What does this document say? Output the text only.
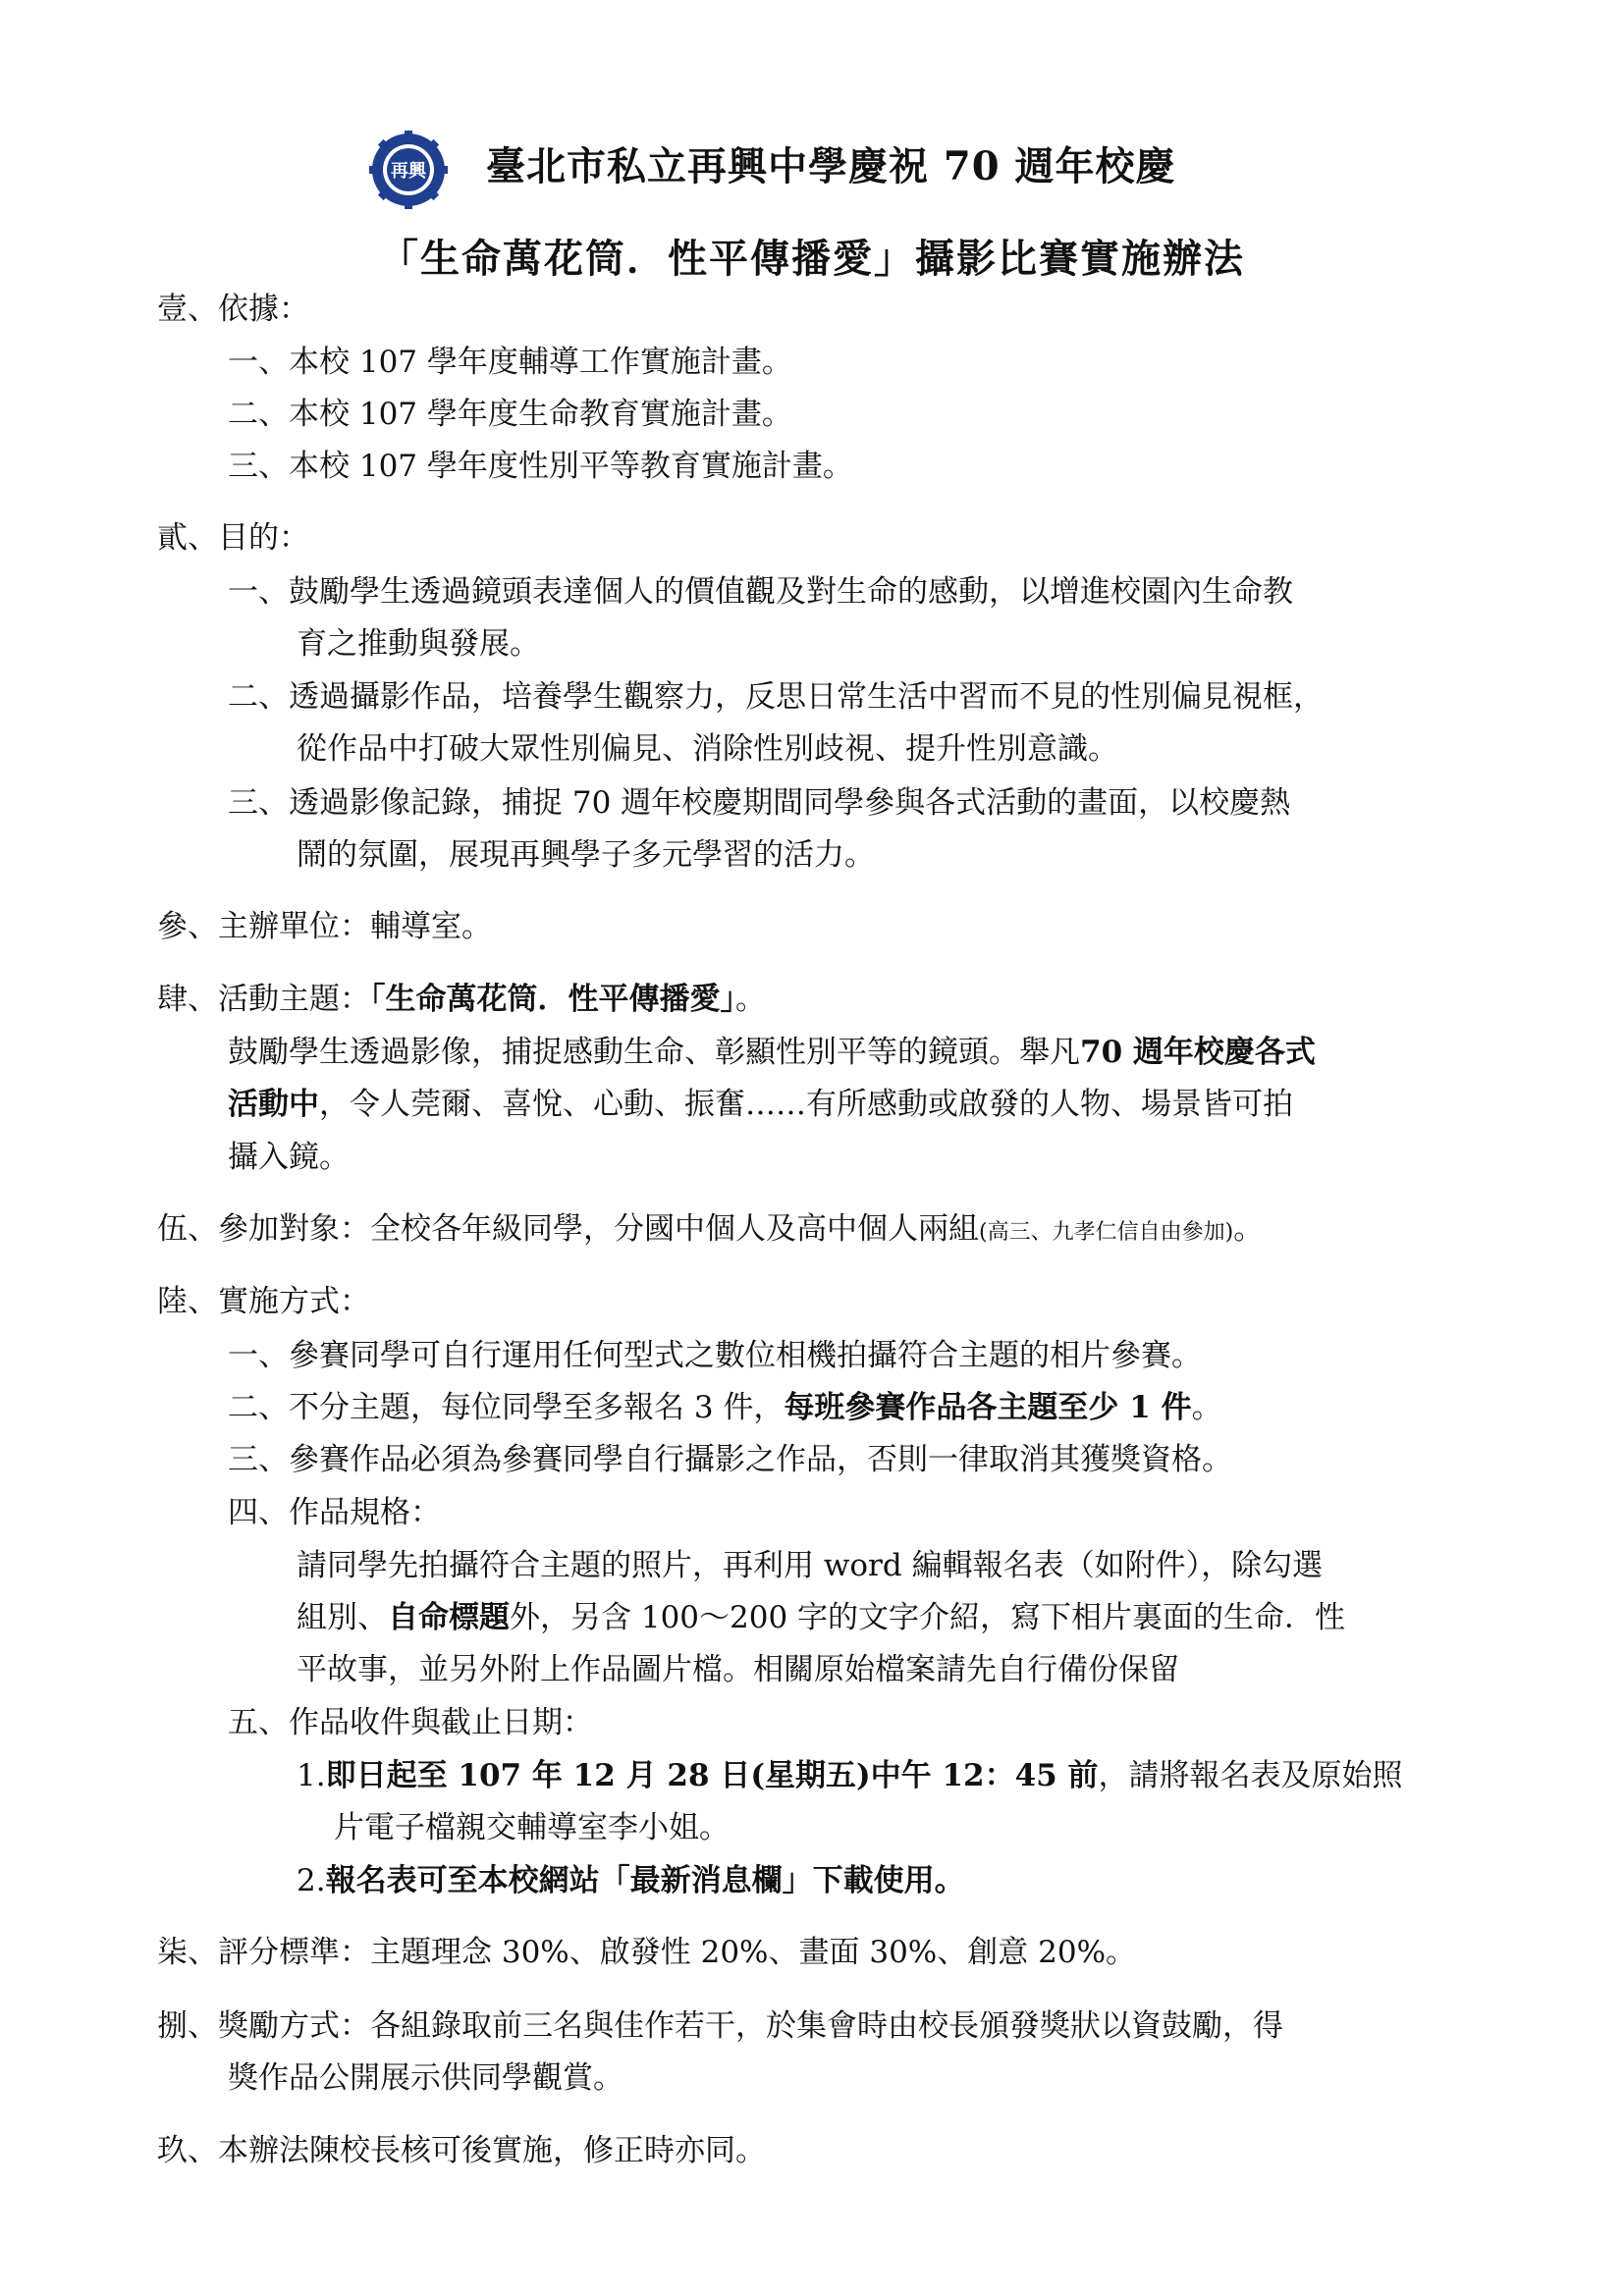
再興 臺北市私立再興中學慶祝 70 週年校慶
「生命萬花筒．性平傳播愛」攝影比賽實施辦法
壹、依據：
一、本校 107 學年度輔導工作實施計畫。
二、本校 107 學年度生命教育實施計畫。
三、本校 107 學年度性別平等教育實施計畫。
貳、目的：
一、鼓勵學生透過鏡頭表達個人的價值觀及對生命的感動，以增進校園內生命教
育之推動與發展。
二、透過攝影作品，培養學生觀察力，反思日常生活中習而不見的性別偏見視框，
從作品中打破大眾性別偏見、消除性別歧視、提升性別意識。
三、透過影像記錄，捕捉 70 週年校慶期間同學參與各式活動的畫面，以校慶熱
鬧的氛圍，展現再興學子多元學習的活力。
參、主辦單位：輔導室。
肆、活動主題：「生命萬花筒．性平傳播愛」。
鼓勵學生透過影像，捕捉感動生命、彰顯性別平等的鏡頭。舉凡70 週年校慶各式
活動中，令人莞爾、喜悅、心動、振奮……有所感動或啟發的人物、場景皆可拍
攝入鏡。
伍、參加對象：全校各年級同學，分國中個人及高中個人兩組(高三、九孝仁信自由參加)。
陸、實施方式：
一、參賽同學可自行運用任何型式之數位相機拍攝符合主題的相片參賽。
二、不分主題，每位同學至多報名 3 件，每班參賽作品各主題至少 1 件。
三、參賽作品必須為參賽同學自行攝影之作品，否則一律取消其獲獎資格。
四、作品規格：
請同學先拍攝符合主題的照片，再利用 word 編輯報名表（如附件），除勾選
組別、自命標題外，另含 100～200 字的文字介紹，寫下相片裏面的生命．性
平故事，並另外附上作品圖片檔。相關原始檔案請先自行備份保留
五、作品收件與截止日期：
1.即日起至 107 年 12 月 28 日(星期五)中午 12：45 前，請將報名表及原始照
片電子檔親交輔導室李小姐。
2.報名表可至本校網站「最新消息欄」下載使用。
柒、評分標準：主題理念 30%、啟發性 20%、畫面 30%、創意 20%。
捌、獎勵方式：各組錄取前三名與佳作若干，於集會時由校長頒發獎狀以資鼓勵，得
獎作品公開展示供同學觀賞。
玖、本辦法陳校長核可後實施，修正時亦同。
